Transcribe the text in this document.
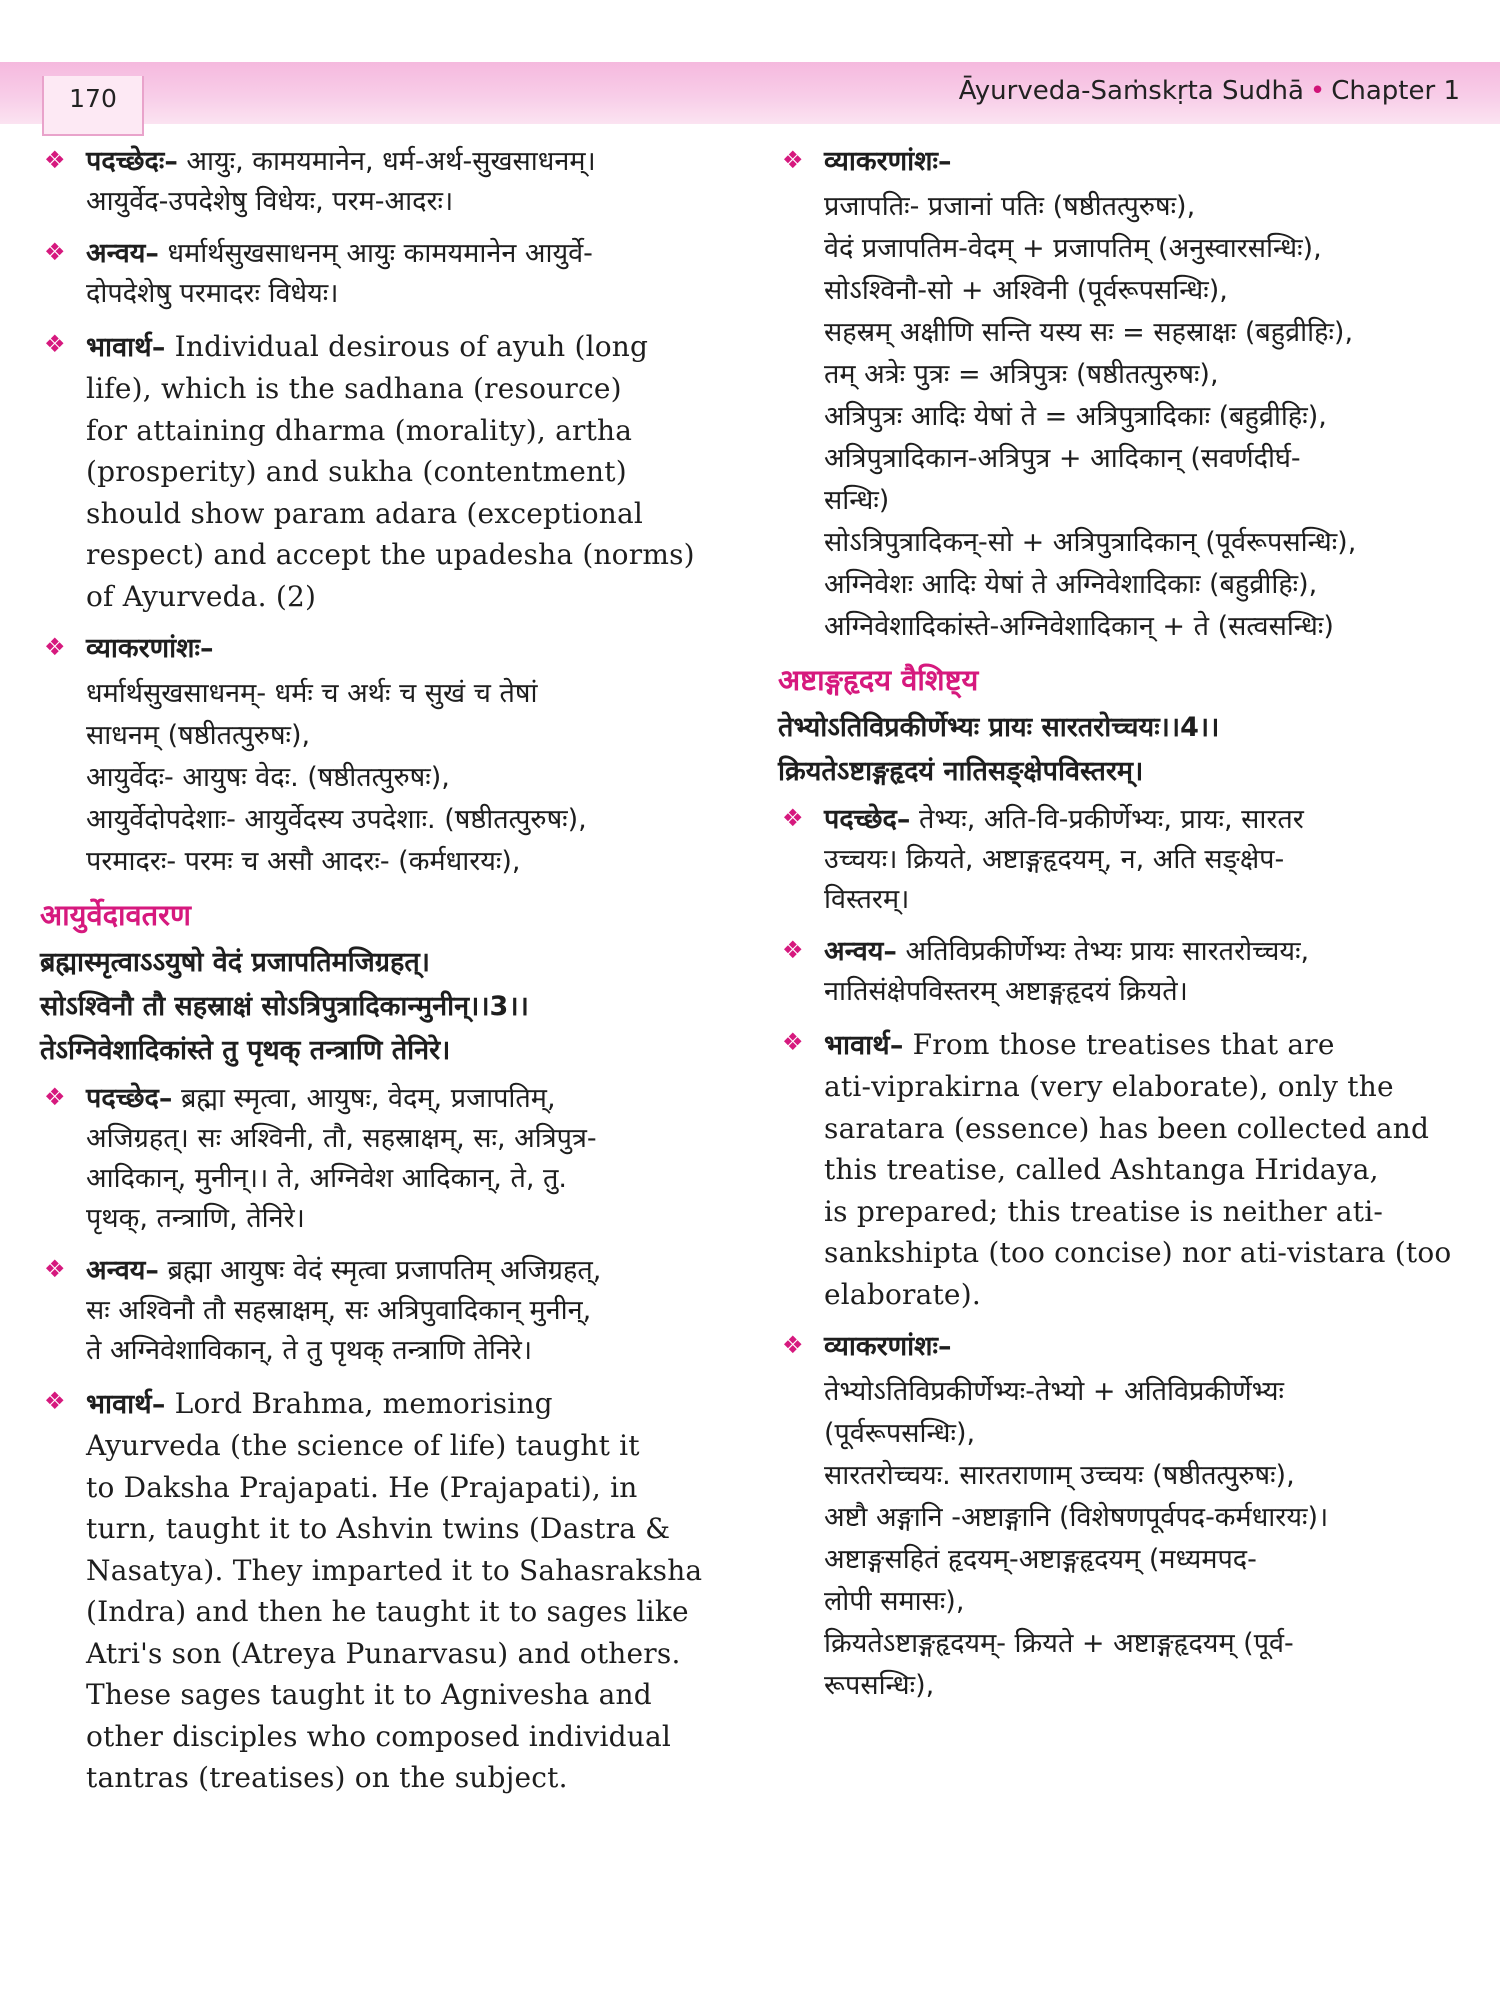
170	Āyurveda-Saṁskṛta Sudhā • Chapter 1
❖ पदच्छेदः– आयुः, कामयमानेन, धर्म-अर्थ-सुखसाधनम्।
आयुर्वेद-उपदेशेषु विधेयः, परम-आदरः।
❖ अन्वय– धर्मार्थसुखसाधनम् आयुः कामयमानेन आयुर्वे-
दोपदेशेषु परमादरः विधेयः।
❖ भावार्थ– Individual desirous of ayuh (long
life), which is the sadhana (resource)
for attaining dharma (morality), artha
(prosperity) and sukha (contentment)
should show param adara (exceptional
respect) and accept the upadesha (norms)
of Ayurveda. (2)
❖ व्याकरणांशः–
धर्मार्थसुखसाधनम्- धर्मः च अर्थः च सुखं च तेषां
साधनम् (षष्ठीतत्पुरुषः),
आयुर्वेदः- आयुषः वेदः. (षष्ठीतत्पुरुषः),
आयुर्वेदोपदेशाः- आयुर्वेदस्य उपदेशाः. (षष्ठीतत्पुरुषः),
परमादरः- परमः च असौ आदरः- (कर्मधारयः),
आयुर्वेदावतरण
ब्रह्मास्मृत्वाऽऽयुषो वेदं प्रजापतिमजिग्रहत्।
सोऽश्विनौ तौ सहस्राक्षं सोऽत्रिपुत्रादिकान्मुनीन्।।3।।
तेऽग्निवेशादिकांस्ते तु पृथक् तन्त्राणि तेनिरे।
❖ पदच्छेद– ब्रह्मा स्मृत्वा, आयुषः, वेदम्, प्रजापतिम्,
अजिग्रहत्। सः अश्विनी, तौ, सहस्राक्षम्, सः, अत्रिपुत्र-
आदिकान्, मुनीन्।। ते, अग्निवेश आदिकान्, ते, तु.
पृथक्, तन्त्राणि, तेनिरे।
❖ अन्वय– ब्रह्मा आयुषः वेदं स्मृत्वा प्रजापतिम् अजिग्रहत्,
सः अश्विनौ तौ सहस्राक्षम्, सः अत्रिपुवादिकान् मुनीन्,
ते अग्निवेशाविकान्, ते तु पृथक् तन्त्राणि तेनिरे।
❖ भावार्थ– Lord Brahma, memorising
Ayurveda (the science of life) taught it
to Daksha Prajapati. He (Prajapati), in
turn, taught it to Ashvin twins (Dastra &
Nasatya). They imparted it to Sahasraksha
(Indra) and then he taught it to sages like
Atri's son (Atreya Punarvasu) and others.
These sages taught it to Agnivesha and
other disciples who composed individual
tantras (treatises) on the subject.
❖ व्याकरणांशः–
प्रजापतिः- प्रजानां पतिः (षष्ठीतत्पुरुषः),
वेदं प्रजापतिम-वेदम् + प्रजापतिम् (अनुस्वारसन्धिः),
सोऽश्विनौ-सो + अश्विनी (पूर्वरूपसन्धिः),
सहस्रम् अक्षीणि सन्ति यस्य सः = सहस्राक्षः (बहुव्रीहिः),
तम् अत्रेः पुत्रः = अत्रिपुत्रः (षष्ठीतत्पुरुषः),
अत्रिपुत्रः आदिः येषां ते = अत्रिपुत्रादिकाः (बहुव्रीहिः),
अत्रिपुत्रादिकान-अत्रिपुत्र + आदिकान् (सवर्णदीर्घ-
सन्धिः)
सोऽत्रिपुत्रादिकन्-सो + अत्रिपुत्रादिकान् (पूर्वरूपसन्धिः),
अग्निवेशः आदिः येषां ते अग्निवेशादिकाः (बहुव्रीहिः),
अग्निवेशादिकांस्ते-अग्निवेशादिकान् + ते (सत्वसन्धिः)
अष्टाङ्गहृदय वैशिष्ट्य
तेभ्योऽतिविप्रकीर्णेभ्यः प्रायः सारतरोच्चयः।।4।।
क्रियतेऽष्टाङ्गहृदयं नातिसङ्क्षेपविस्तरम्।
❖ पदच्छेद– तेभ्यः, अति-वि-प्रकीर्णेभ्यः, प्रायः, सारतर
उच्चयः। क्रियते, अष्टाङ्गहृदयम्, न, अति सङ्क्षेप-
विस्तरम्।
❖ अन्वय– अतिविप्रकीर्णेभ्यः तेभ्यः प्रायः सारतरोच्चयः,
नातिसंक्षेपविस्तरम् अष्टाङ्गहृदयं क्रियते।
❖ भावार्थ– From those treatises that are
ati-viprakirna (very elaborate), only the
saratara (essence) has been collected and
this treatise, called Ashtanga Hridaya,
is prepared; this treatise is neither ati-
sankshipta (too concise) nor ati-vistara (too
elaborate).
❖ व्याकरणांशः–
तेभ्योऽतिविप्रकीर्णेभ्यः-तेभ्यो + अतिविप्रकीर्णेभ्यः
(पूर्वरूपसन्धिः),
सारतरोच्चयः. सारतराणाम् उच्चयः (षष्ठीतत्पुरुषः),
अष्टौ अङ्गानि -अष्टाङ्गानि (विशेषणपूर्वपद-कर्मधारयः)।
अष्टाङ्गसहितं हृदयम्-अष्टाङ्गहृदयम् (मध्यमपद-
लोपी समासः),
क्रियतेऽष्टाङ्गहृदयम्- क्रियते + अष्टाङ्गहृदयम् (पूर्व-
रूपसन्धिः),
